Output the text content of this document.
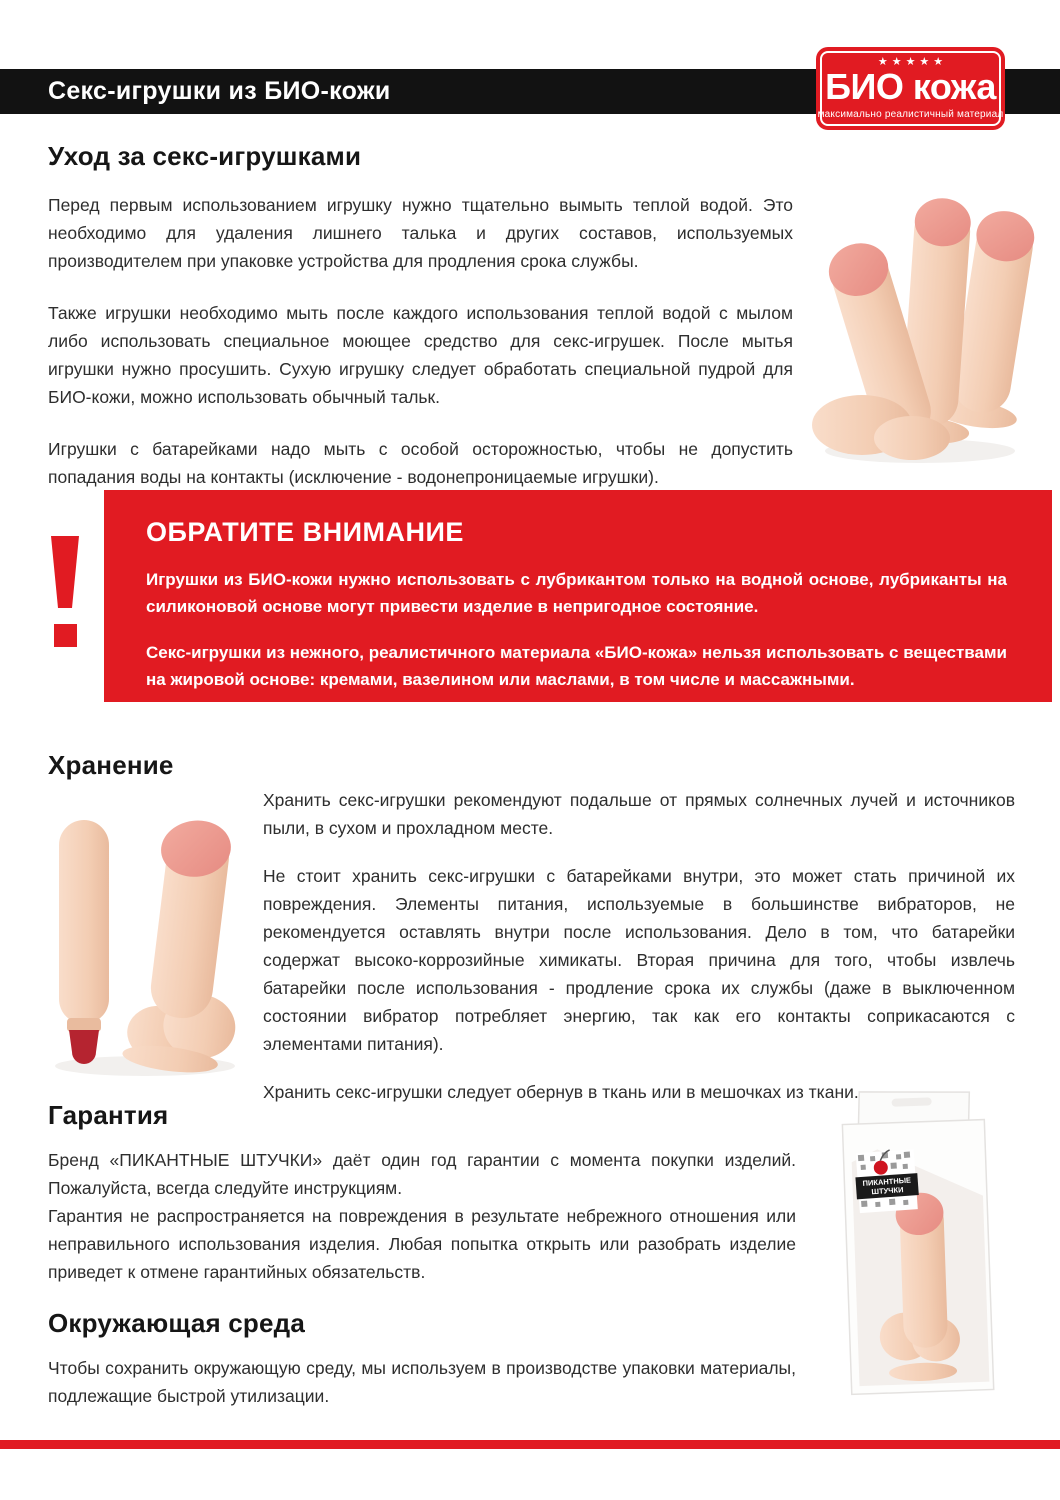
Секс-игрушки из БИО-кожи
★★★★★
БИО кожа
максимально реалистичный материал
Уход за секс-игрушками

Перед первым использованием игрушку нужно тщательно вымыть теплой водой. Это необходимо для удаления лишнего талька и других составов, используемых производителем при упаковке устройства для продления срока службы.

Также игрушки необходимо мыть после каждого использования теплой водой с мылом либо использовать специальное моющее средство для секс-игрушек. После мытья игрушки нужно просушить. Сухую игрушку следует обработать специальной пудрой для БИО-кожи, можно использовать обычный тальк.

Игрушки с батарейками надо мыть с особой осторожностью, чтобы не допустить попадания воды на контакты (исключение - водонепроницаемые игрушки).

ОБРАТИТЕ ВНИМАНИЕ

Игрушки из БИО-кожи нужно использовать с лубрикантом только на водной основе, лубриканты на силиконовой основе могут привести изделие в непригодное состояние.

Секс-игрушки из нежного, реалистичного материала «БИО-кожа» нельзя использовать с веществами на жировой основе: кремами, вазелином или маслами, в том числе и массажными.

Хранение

Хранить секс-игрушки рекомендуют подальше от прямых солнечных лучей и источников пыли, в сухом и прохладном месте.

Не стоит хранить секс-игрушки с батарейками внутри, это может стать причиной их повреждения. Элементы питания, используемые в большинстве вибраторов, не рекомендуется оставлять внутри после использования. Дело в том, что батарейки содержат высоко-коррозийные химикаты. Вторая причина для того, чтобы извлечь батарейки после использования - продление срока их службы (даже в выключенном состоянии вибратор потребляет энергию, так как его контакты соприкасаются с элементами питания).

Хранить секс-игрушки следует обернув в ткань или в мешочках из ткани.

Гарантия

Бренд «ПИКАНТНЫЕ ШТУЧКИ» даёт один год гарантии с момента покупки изделий. Пожалуйста, всегда следуйте инструкциям.

Гарантия не распространяется на повреждения в результате небрежного отношения или неправильного использования изделия. Любая попытка открыть или разобрать изделие приведет к отмене гарантийных обязательств.

ПИКАНТНЫЕ
ШТУЧКИ
Окружающая среда

Чтобы сохранить окружающую среду, мы используем в производстве упаковки материалы, подлежащие быстрой утилизации.
